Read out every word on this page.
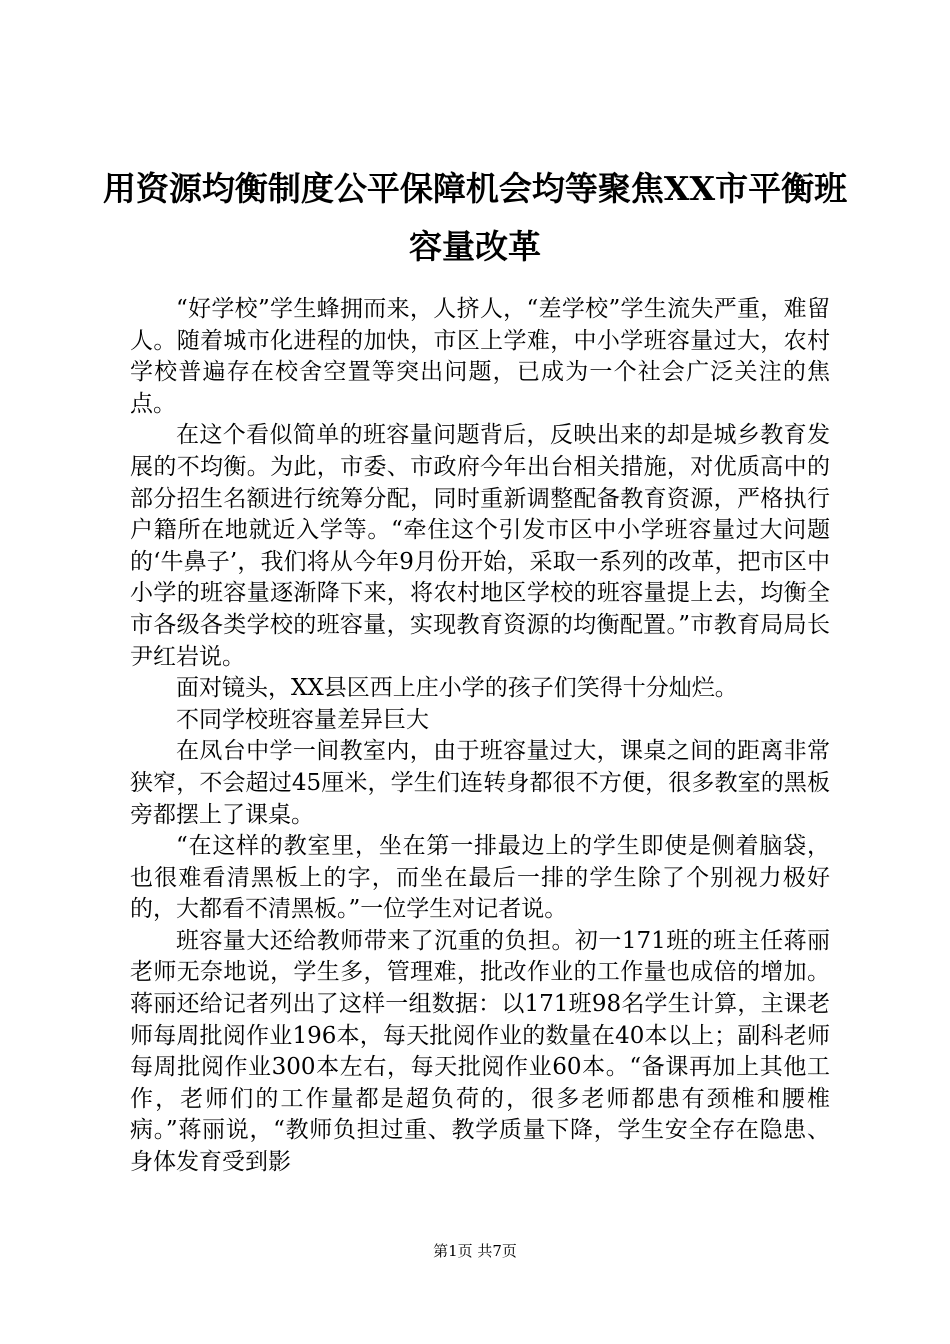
用资源均衡制度公平保障机会均等聚焦XX市平衡班容量改革

“好学校”学生蜂拥而来，人挤人，“差学校”学生流失严重，难留人。随着城市化进程的加快，市区上学难，中小学班容量过大，农村学校普遍存在校舍空置等突出问题，已成为一个社会广泛关注的焦点。

在这个看似简单的班容量问题背后，反映出来的却是城乡教育发展的不均衡。为此，市委、市政府今年出台相关措施，对优质高中的部分招生名额进行统筹分配，同时重新调整配备教育资源，严格执行户籍所在地就近入学等。“牵住这个引发市区中小学班容量过大问题的‘牛鼻子’，我们将从今年9月份开始，采取一系列的改革，把市区中小学的班容量逐渐降下来，将农村地区学校的班容量提上去，均衡全市各级各类学校的班容量，实现教育资源的均衡配置。”市教育局局长尹红岩说。

面对镜头，XX县区西上庄小学的孩子们笑得十分灿烂。

不同学校班容量差异巨大

在凤台中学一间教室内，由于班容量过大，课桌之间的距离非常狭窄，不会超过45厘米，学生们连转身都很不方便，很多教室的黑板旁都摆上了课桌。

“在这样的教室里，坐在第一排最边上的学生即使是侧着脑袋，也很难看清黑板上的字，而坐在最后一排的学生除了个别视力极好的，大都看不清黑板。”一位学生对记者说。

班容量大还给教师带来了沉重的负担。初一171班的班主任蒋丽老师无奈地说，学生多，管理难，批改作业的工作量也成倍的增加。蒋丽还给记者列出了这样一组数据：以171班98名学生计算，主课老师每周批阅作业196本，每天批阅作业的数量在40本以上；副科老师每周批阅作业300本左右，每天批阅作业60本。“备课再加上其他工作，老师们的工作量都是超负荷的，很多老师都患有颈椎和腰椎病。”蒋丽说，“教师负担过重、教学质量下降，学生安全存在隐患、身体发育受到影

第1页 共7页
